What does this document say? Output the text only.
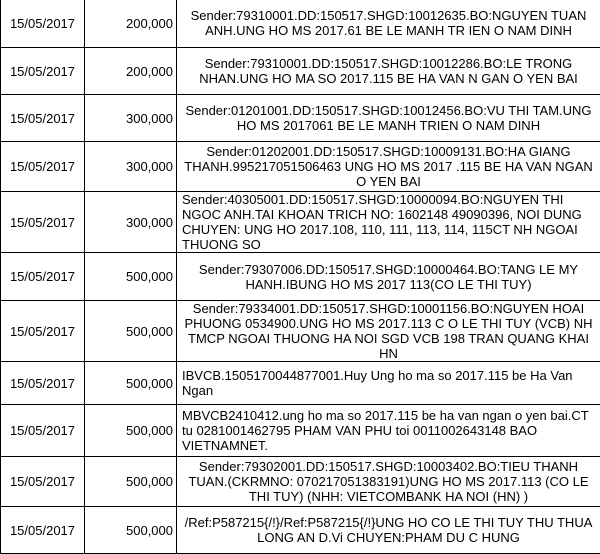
15/05/2017	200,000	Sender:79310001.DD:150517.SHGD:10012635.BO:NGUYEN TUAN ANH.UNG HO MS 2017.61 BE LE MANH TR IEN O NAM DINH
15/05/2017	200,000	Sender:79310001.DD:150517.SHGD:10012286.BO:LE TRONG NHAN.UNG HO MA SO 2017.115 BE HA VAN N GAN O YEN BAI
15/05/2017	300,000	Sender:01201001.DD:150517.SHGD:10012456.BO:VU THI TAM.UNG HO MS 2017061 BE LE MANH TRIEN O NAM DINH
15/05/2017	300,000	Sender:01202001.DD:150517.SHGD:10009131.BO:HA GIANG THANH.995217051506463 UNG HO MS 2017 .115 BE HA VAN NGAN O YEN BAI
15/05/2017	300,000	Sender:40305001.DD:150517.SHGD:10000094.BO:NGUYEN THI NGOC ANH.TAI KHOAN TRICH NO: 1602148 49090396, NOI DUNG CHUYEN: UNG HO 2017.108, 110, 111, 113, 114, 115CT NH NGOAI THUONG SO
15/05/2017	500,000	Sender:79307006.DD:150517.SHGD:10000464.BO:TANG LE MY HANH.IBUNG HO MS 2017 113(CO LE THI TUY)
15/05/2017	500,000	Sender:79334001.DD:150517.SHGD:10001156.BO:NGUYEN HOAI PHUONG 0534900.UNG HO MS 2017.113 C O LE THI TUY (VCB) NH TMCP NGOAI THUONG HA NOI SGD VCB 198 TRAN QUANG KHAI HN
15/05/2017	500,000	IBVCB.1505170044877001.Huy Ung ho ma so 2017.115 be Ha Van Ngan
15/05/2017	500,000	MBVCB2410412.ung ho ma so 2017.115 be ha van ngan o yen bai.CT tu 0281001462795 PHAM VAN PHU toi 0011002643148 BAO VIETNAMNET.
15/05/2017	500,000	Sender:79302001.DD:150517.SHGD:10003402.BO:TIEU THANH TUAN.(CKRMNO: 0702170513831​91)UNG HO MS 2017.113 (CO LE THI TUY) (NHH: VIETCOMBANK HA NOI (HN) )
15/05/2017	500,000	/Ref:P587215{/!}/Ref:P587215{/!}UNG HO CO LE THI TUY THU THUA LONG AN D.Vi CHUYEN:PHAM DU C HUNG
